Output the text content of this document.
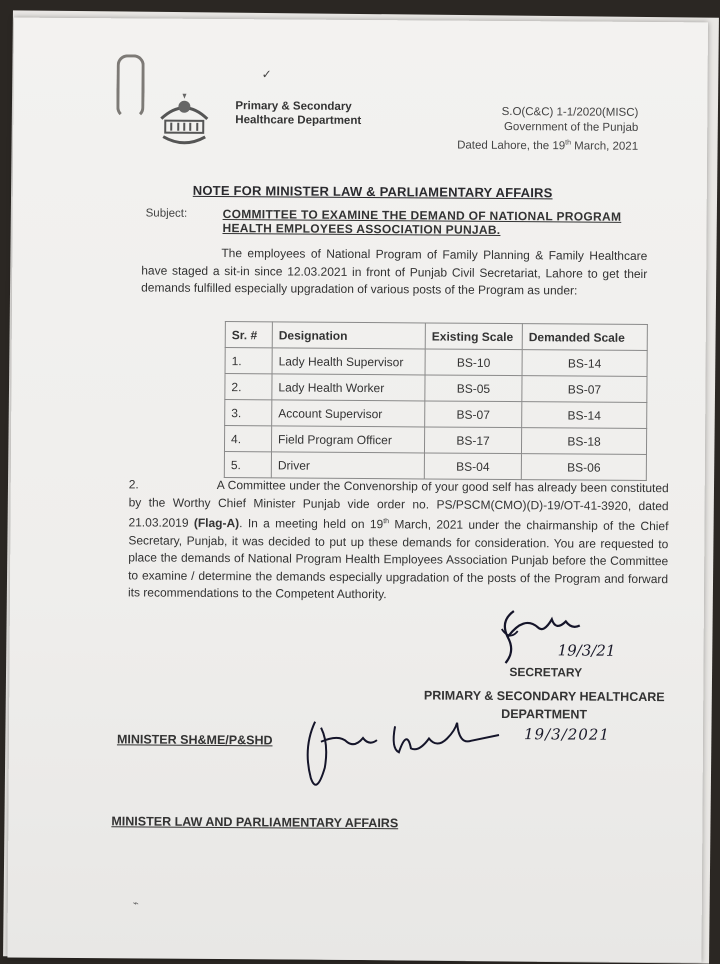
✓
Primary & Secondary
Healthcare Department
S.O(C&C) 1-1/2020(MISC)
Government of the Punjab
Dated Lahore, the 19th March, 2021
NOTE FOR MINISTER LAW & PARLIAMENTARY AFFAIRS
Subject:	COMMITTEE TO EXAMINE THE DEMAND OF NATIONAL PROGRAM HEALTH EMPLOYEES ASSOCIATION PUNJAB.
The employees of National Program of Family Planning & Family Healthcare have staged a sit-in since 12.03.2021 in front of Punjab Civil Secretariat, Lahore to get their demands fulfilled especially upgradation of various posts of the Program as under:
Sr. #	Designation	Existing Scale	Demanded Scale
1.	Lady Health Supervisor	BS-10	BS-14
2.	Lady Health Worker	BS-05	BS-07
3.	Account Supervisor	BS-07	BS-14
4.	Field Program Officer	BS-17	BS-18
5.	Driver	BS-04	BS-06
2.	A Committee under the Convenorship of your good self has already been constituted by the Worthy Chief Minister Punjab vide order no. PS/PSCM(CMO)(D)-19/OT-41-3920, dated 21.03.2019 (Flag-A). In a meeting held on 19th March, 2021 under the chairmanship of the Chief Secretary, Punjab, it was decided to put up these demands for consideration. You are requested to place the demands of National Program Health Employees Association Punjab before the Committee to examine / determine the demands especially upgradation of the posts of the Program and forward its recommendations to the Competent Authority.
19/3/21
SECRETARY
PRIMARY & SECONDARY HEALTHCARE
DEPARTMENT
MINISTER SH&ME/P&SHD	19/3/2021
MINISTER LAW AND PARLIAMENTARY AFFAIRS
⌁
